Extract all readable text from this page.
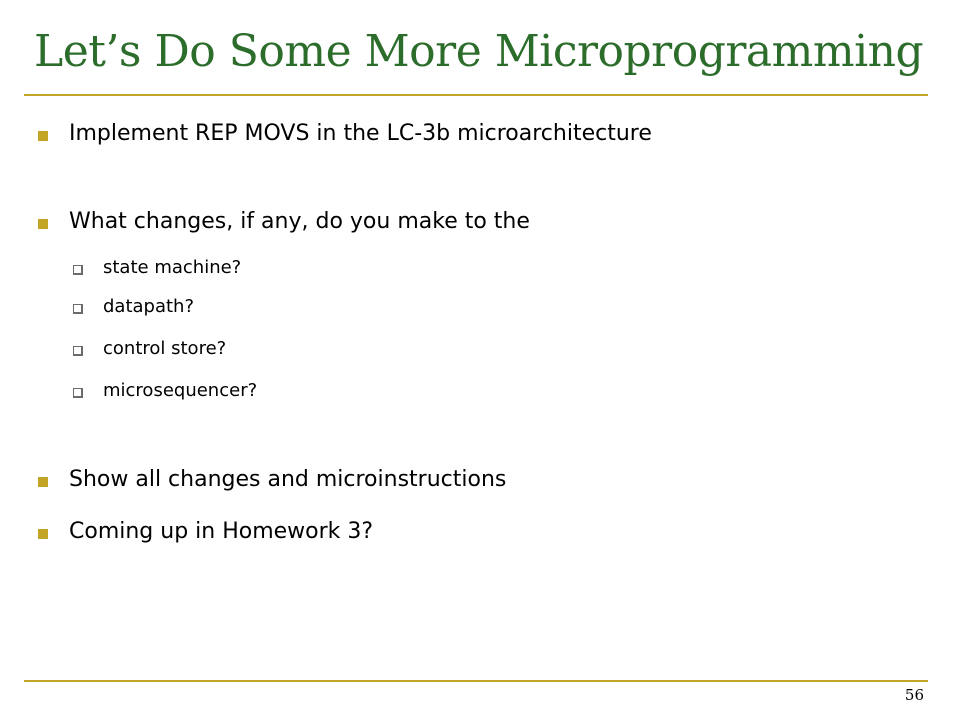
Let’s Do Some More Microprogramming
Implement REP MOVS in the LC-3b microarchitecture
What changes, if any, do you make to the
state machine?
datapath?
control store?
microsequencer?
Show all changes and microinstructions
Coming up in Homework 3?
56
